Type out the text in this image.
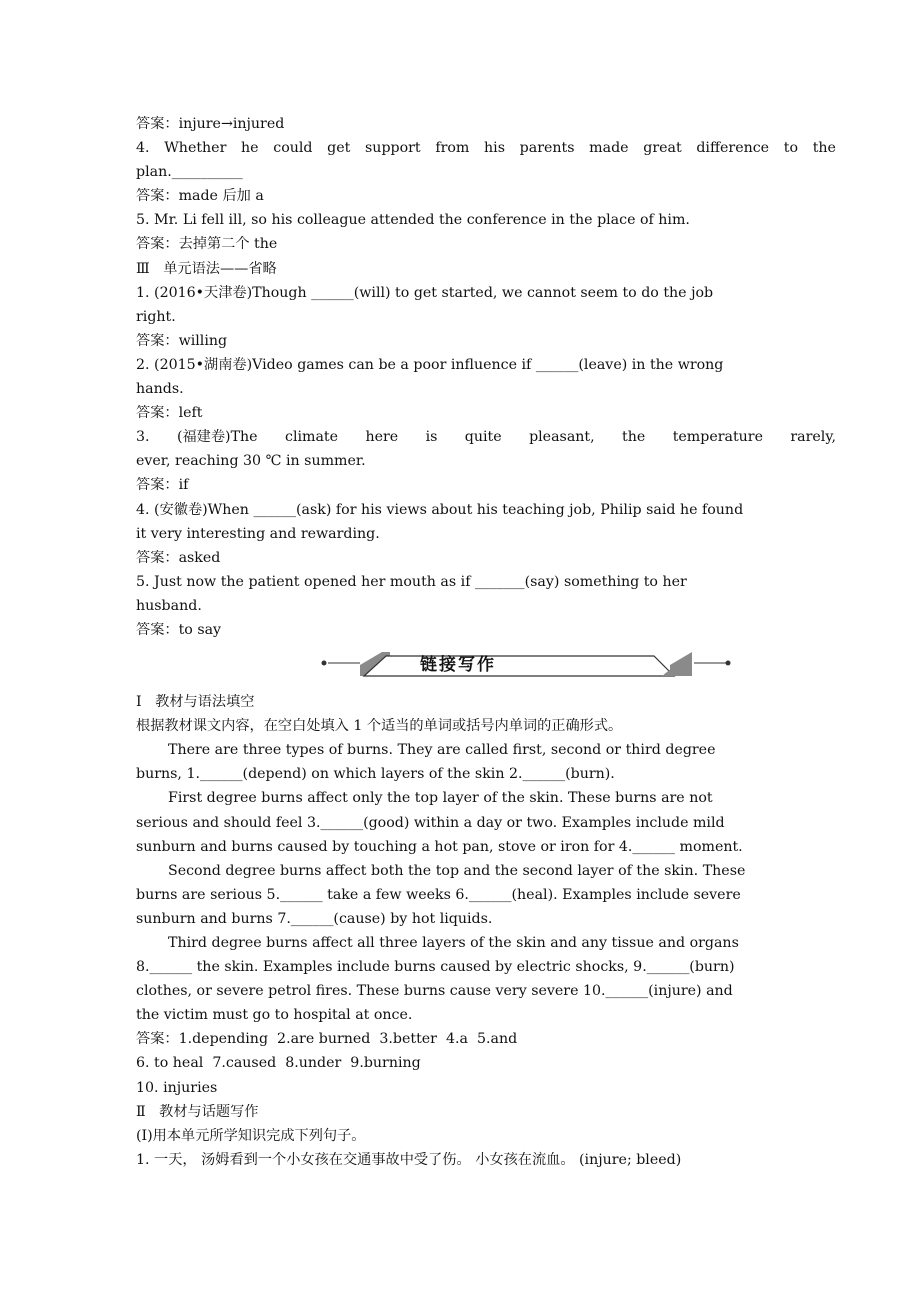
答案：injure→injured
4. Whether he could get support from his parents made great difference to the
plan.__________
答案：made 后加 a
5. Mr. Li fell ill, so his colleague attended the conference in the place of him.
答案：去掉第二个 the
Ⅲ   单元语法——省略
1. (2016•天津卷)Though ______(will) to get started, we cannot seem to do the job
right.
答案：willing
2. (2015•湖南卷)Video games can be a poor influence if ______(leave) in the wrong
hands.
答案：left
3. (福建卷)The climate here is quite pleasant, the temperature rarely,
ever, reaching 30 ℃ in summer.
答案：if
4. (安徽卷)When ______(ask) for his views about his teaching job, Philip said he found
it very interesting and rewarding.
答案：asked
5. Just now the patient opened her mouth as if _______(say) something to her
husband.
答案：to say
链接写作
Ⅰ   教材与语法填空
根据教材课文内容，在空白处填入 1 个适当的单词或括号内单词的正确形式。
There are three types of burns. They are called first, second or third degree
burns, 1.______(depend) on which layers of the skin 2.______(burn).
First degree burns affect only the top layer of the skin. These burns are not
serious and should feel 3.______(good) within a day or two. Examples include mild
sunburn and burns caused by touching a hot pan, stove or iron for 4.______ moment.
Second degree burns affect both the top and the second layer of the skin. These
burns are serious 5.______ take a few weeks 6.______(heal). Examples include severe
sunburn and burns 7.______(cause) by hot liquids.
Third degree burns affect all three layers of the skin and any tissue and organs
8.______ the skin. Examples include burns caused by electric shocks, 9.______(burn)
clothes, or severe petrol fires. These burns cause very severe 10.______(injure) and
the victim must go to hospital at once.
答案：1.depending  2.are burned  3.better  4.a  5.and
6. to heal  7.caused  8.under  9.burning
10. injuries
Ⅱ   教材与话题写作
(Ⅰ)用本单元所学知识完成下列句子。
1. 一天， 汤姆看到一个小女孩在交通事故中受了伤。 小女孩在流血。 (injure; bleed)
